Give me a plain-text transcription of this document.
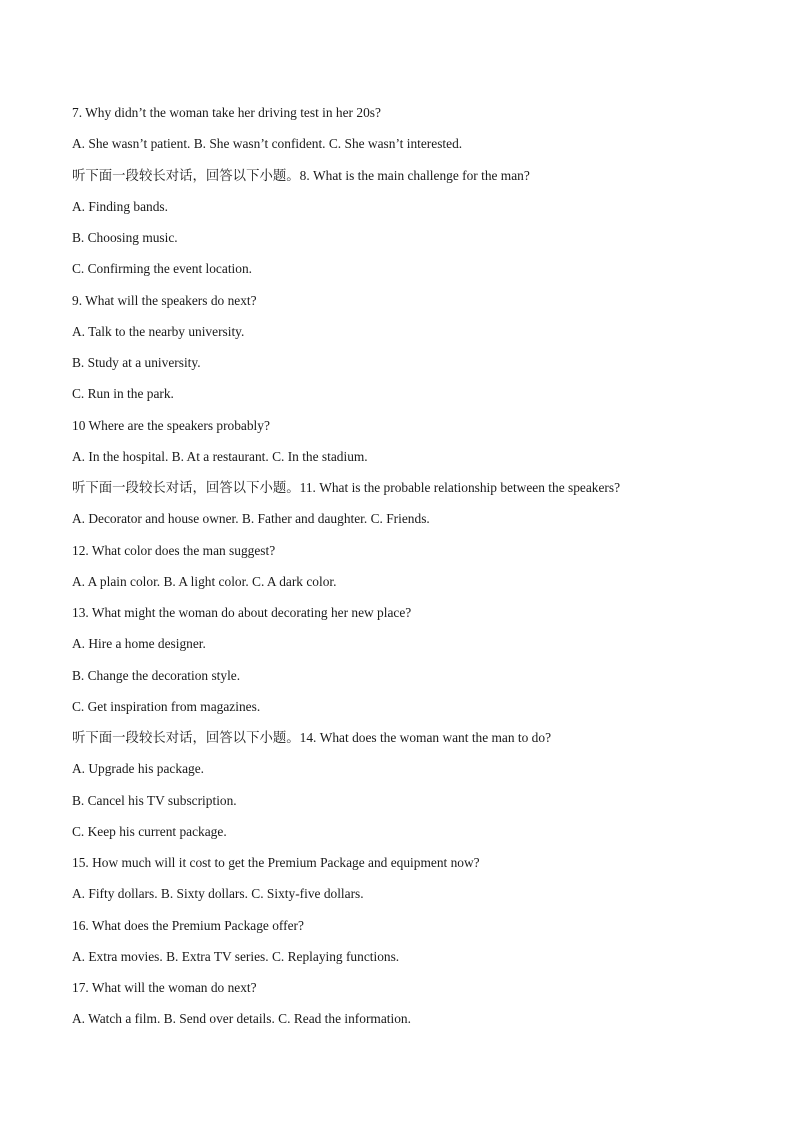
7. Why didn’t the woman take her driving test in her 20s?
A. She wasn’t patient. B. She wasn’t confident. C. She wasn’t interested.
听下面一段较长对话，回答以下小题。8. What is the main challenge for the man?
A. Finding bands.
B. Choosing music.
C. Confirming the event location.
9. What will the speakers do next?
A. Talk to the nearby university.
B. Study at a university.
C. Run in the park.
10 Where are the speakers probably?
A. In the hospital. B. At a restaurant. C. In the stadium.
听下面一段较长对话，回答以下小题。11. What is the probable relationship between the speakers?
A. Decorator and house owner. B. Father and daughter. C. Friends.
12. What color does the man suggest?
A. A plain color. B. A light color. C. A dark color.
13. What might the woman do about decorating her new place?
A. Hire a home designer.
B. Change the decoration style.
C. Get inspiration from magazines.
听下面一段较长对话，回答以下小题。14. What does the woman want the man to do?
A. Upgrade his package.
B. Cancel his TV subscription.
C. Keep his current package.
15. How much will it cost to get the Premium Package and equipment now?
A. Fifty dollars. B. Sixty dollars. C. Sixty-five dollars.
16. What does the Premium Package offer?
A. Extra movies. B. Extra TV series. C. Replaying functions.
17. What will the woman do next?
A. Watch a film. B. Send over details. C. Read the information.
